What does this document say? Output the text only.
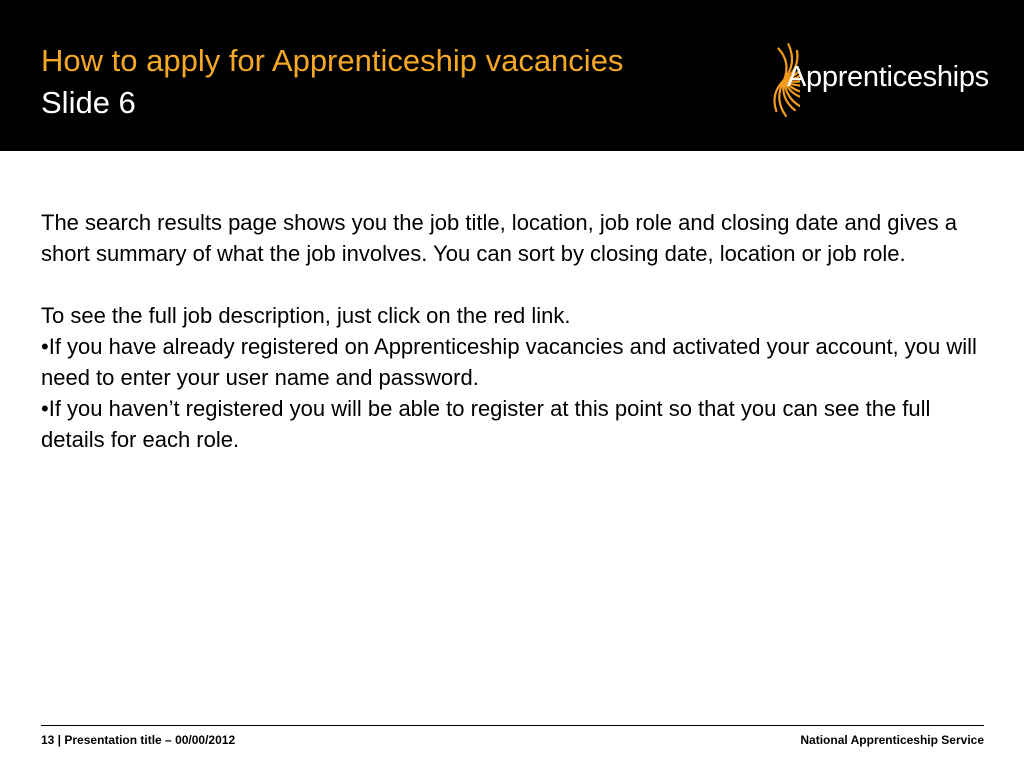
How to apply for Apprenticeship vacancies
Slide 6
Apprenticeships

The search results page shows you the job title, location, job role and closing date and gives a short summary of what the job involves. You can sort by closing date, location or job role.

To see the full job description, just click on the red link.

•If you have already registered on Apprenticeship vacancies and activated your account, you will need to enter your user name and password.

•If you haven’t registered you will be able to register at this point so that you can see the full details for each role.

13 | Presentation title – 00/00/2012	National Apprenticeship Service
